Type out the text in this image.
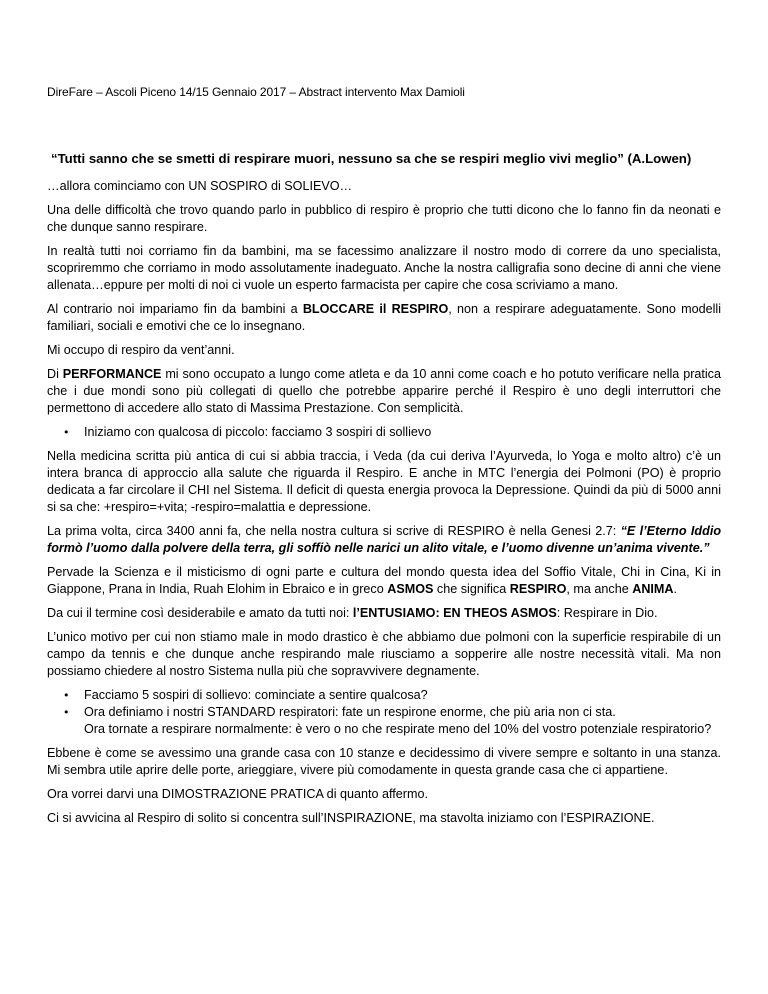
DireFare – Ascoli Piceno 14/15 Gennaio 2017 – Abstract intervento Max Damioli
“Tutti sanno che se smetti di respirare muori, nessuno sa che se respiri meglio vivi meglio” (A.Lowen)

…allora cominciamo con UN SOSPIRO di SOLIEVO…

Una delle difficoltà che trovo quando parlo in pubblico di respiro è proprio che tutti dicono che lo fanno fin da neonati e che dunque sanno respirare.

In realtà tutti noi corriamo fin da bambini, ma se facessimo analizzare il nostro modo di correre da uno specialista, scopriremmo che corriamo in modo assolutamente inadeguato. Anche la nostra calligrafia sono decine di anni che viene allenata…eppure per molti di noi ci vuole un esperto farmacista per capire che cosa scriviamo a mano.

Al contrario noi impariamo fin da bambini a BLOCCARE il RESPIRO, non a respirare adeguatamente. Sono modelli familiari, sociali e emotivi che ce lo insegnano.

Mi occupo di respiro da vent’anni.

Di PERFORMANCE mi sono occupato a lungo come atleta e da 10 anni come coach e ho potuto verificare nella pratica che i due mondi sono più collegati di quello che potrebbe apparire perché il Respiro è uno degli interruttori che permettono di accedere allo stato di Massima Prestazione. Con semplicità.

• Iniziamo con qualcosa di piccolo: facciamo 3 sospiri di sollievo

Nella medicina scritta più antica di cui si abbia traccia, i Veda (da cui deriva l’Ayurveda, lo Yoga e molto altro) c’è un intera branca di approccio alla salute che riguarda il Respiro. E anche in MTC l’energia dei Polmoni (PO) è proprio dedicata a far circolare il CHI nel Sistema. Il deficit di questa energia provoca la Depressione. Quindi da più di 5000 anni si sa che: +respiro=+vita; -respiro=malattia e depressione.

La prima volta, circa 3400 anni fa, che nella nostra cultura si scrive di RESPIRO è nella Genesi 2.7: “E l’Eterno Iddio formò l’uomo dalla polvere della terra, gli soffiò nelle narici un alito vitale, e l’uomo divenne un’anima vivente.”

Pervade la Scienza e il misticismo di ogni parte e cultura del mondo questa idea del Soffio Vitale, Chi in Cina, Ki in Giappone, Prana in India, Ruah Elohim in Ebraico e in greco ASMOS che significa RESPIRO, ma anche ANIMA.

Da cui il termine così desiderabile e amato da tutti noi: l’ENTUSIAMO: EN THEOS ASMOS: Respirare in Dio.

L’unico motivo per cui non stiamo male in modo drastico è che abbiamo due polmoni con la superficie respirabile di un campo da tennis e che dunque anche respirando male riusciamo a sopperire alle nostre necessità vitali. Ma non possiamo chiedere al nostro Sistema nulla più che sopravvivere degnamente.

• Facciamo 5 sospiri di sollievo: cominciate a sentire qualcosa?
• Ora definiamo i nostri STANDARD respiratori: fate un respirone enorme, che più aria non ci sta.
Ora tornate a respirare normalmente: è vero o no che respirate meno del 10% del vostro potenziale respiratorio?

Ebbene è come se avessimo una grande casa con 10 stanze e decidessimo di vivere sempre e soltanto in una stanza. Mi sembra utile aprire delle porte, arieggiare, vivere più comodamente in questa grande casa che ci appartiene.

Ora vorrei darvi una DIMOSTRAZIONE PRATICA di quanto affermo.

Ci si avvicina al Respiro di solito si concentra sull’INSPIRAZIONE, ma stavolta iniziamo con l’ESPIRAZIONE.
